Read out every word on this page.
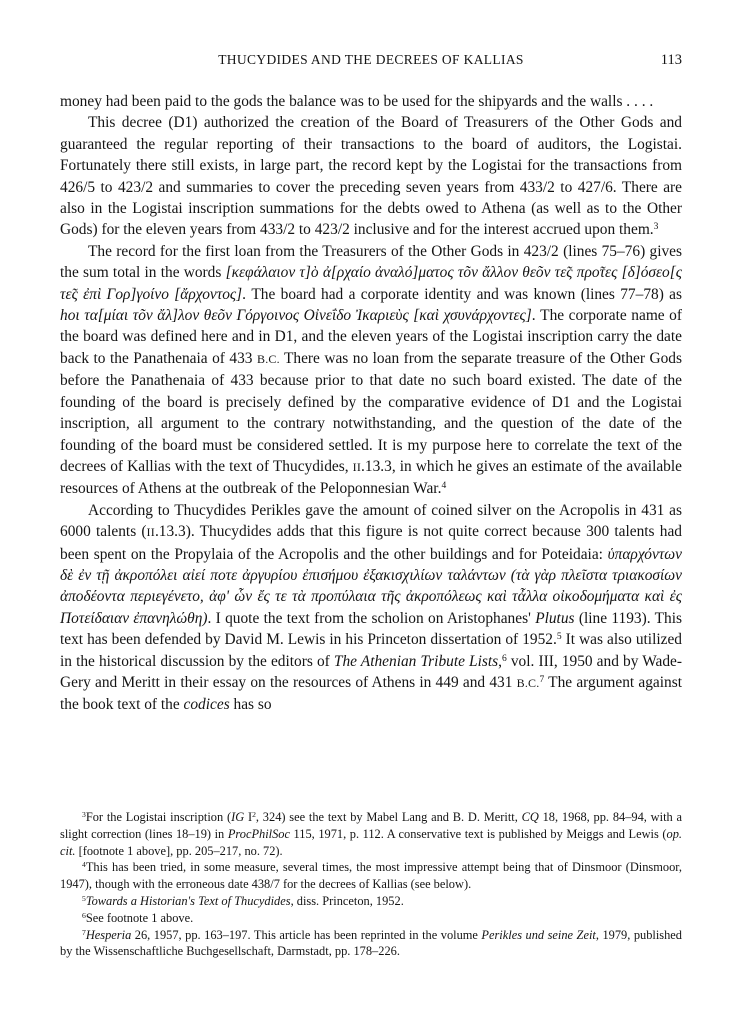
THUCYDIDES AND THE DECREES OF KALLIAS	113

money had been paid to the gods the balance was to be used for the shipyards and the walls . . . .

This decree (D1) authorized the creation of the Board of Treasurers of the Other Gods and guaranteed the regular reporting of their transactions to the board of auditors, the Logistai. Fortunately there still exists, in large part, the record kept by the Logistai for the transactions from 426/5 to 423/2 and summaries to cover the preceding seven years from 433/2 to 427/6. There are also in the Logistai inscription summations for the debts owed to Athena (as well as to the Other Gods) for the eleven years from 433/2 to 423/2 inclusive and for the interest accrued upon them.$^3$

The record for the first loan from the Treasurers of the Other Gods in 423/2 (lines 75–76) gives the sum total in the words [κεφάλαιον τ]ὸ ἀ[ρχαίο ἀναλό]ματος τõν ἄλλον θεõν τε̃ς προ̃τες [δ]όσεο[ς τε̃ς ἐπὶ Γορ]γοίνο [ἄρχοντος]. The board had a corporate identity and was known (lines 77–78) as hοι τα[μίαι τõν ἄλ]λον θεõν Γόργοινος Οἰνεΐδο Ἰκαριεὺς [καὶ χσυνάρχοντες]. The corporate name of the board was defined here and in D1, and the eleven years of the Logistai inscription carry the date back to the Panathenaia of 433 B.C. There was no loan from the separate treasure of the Other Gods before the Panathenaia of 433 because prior to that date no such board existed. The date of the founding of the board is precisely defined by the comparative evidence of D1 and the Logistai inscription, all argument to the contrary notwithstanding, and the question of the date of the founding of the board must be considered settled. It is my purpose here to correlate the text of the decrees of Kallias with the text of Thucydides, II.13.3, in which he gives an estimate of the available resources of Athens at the outbreak of the Peloponnesian War.$^4$

According to Thucydides Perikles gave the amount of coined silver on the Acropolis in 431 as 6000 talents (II.13.3). Thucydides adds that this figure is not quite correct because 300 talents had been spent on the Propylaia of the Acropolis and the other buildings and for Poteidaia: ὑπαρχόντων δὲ ἐν τῇ ἀκροπόλει αἰεί ποτε ἀργυρίου ἐπισήμου ἐξακισχιλίων ταλάντων (τὰ γὰρ πλεῖστα τριακοσίων ἀποδέοντα περιεγένετο, ἀφ' ὧν ἔς τε τὰ προπύλαια τῆς ἀκροπόλεως καὶ τἆλλα οἰκοδομήματα καὶ ἐς Ποτείδαιαν ἐπανηλώθη). I quote the text from the scholion on Aristophanes' Plutus (line 1193). This text has been defended by David M. Lewis in his Princeton dissertation of 1952.$^5$ It was also utilized in the historical discussion by the editors of The Athenian Tribute Lists,$^6$ vol. III, 1950 and by Wade-Gery and Meritt in their essay on the resources of Athens in 449 and 431 B.C.$^7$ The argument against the book text of the codices has so

$^3$For the Logistai inscription (IG $I^2$, 324) see the text by Mabel Lang and B. D. Meritt, CQ 18, 1968, pp. 84–94, with a slight correction (lines 18–19) in ProcPhilSoc 115, 1971, p. 112. A conservative text is published by Meiggs and Lewis (op. cit. [footnote 1 above], pp. 205–217, no. 72).

$^4$This has been tried, in some measure, several times, the most impressive attempt being that of Dinsmoor (Dinsmoor, 1947), though with the erroneous date 438/7 for the decrees of Kallias (see below).

$^5$Towards a Historian's Text of Thucydides, diss. Princeton, 1952.

$^6$See footnote 1 above.

$^7$Hesperia 26, 1957, pp. 163–197. This article has been reprinted in the volume Perikles und seine Zeit, 1979, published by the Wissenschaftliche Buchgesellschaft, Darmstadt, pp. 178–226.
